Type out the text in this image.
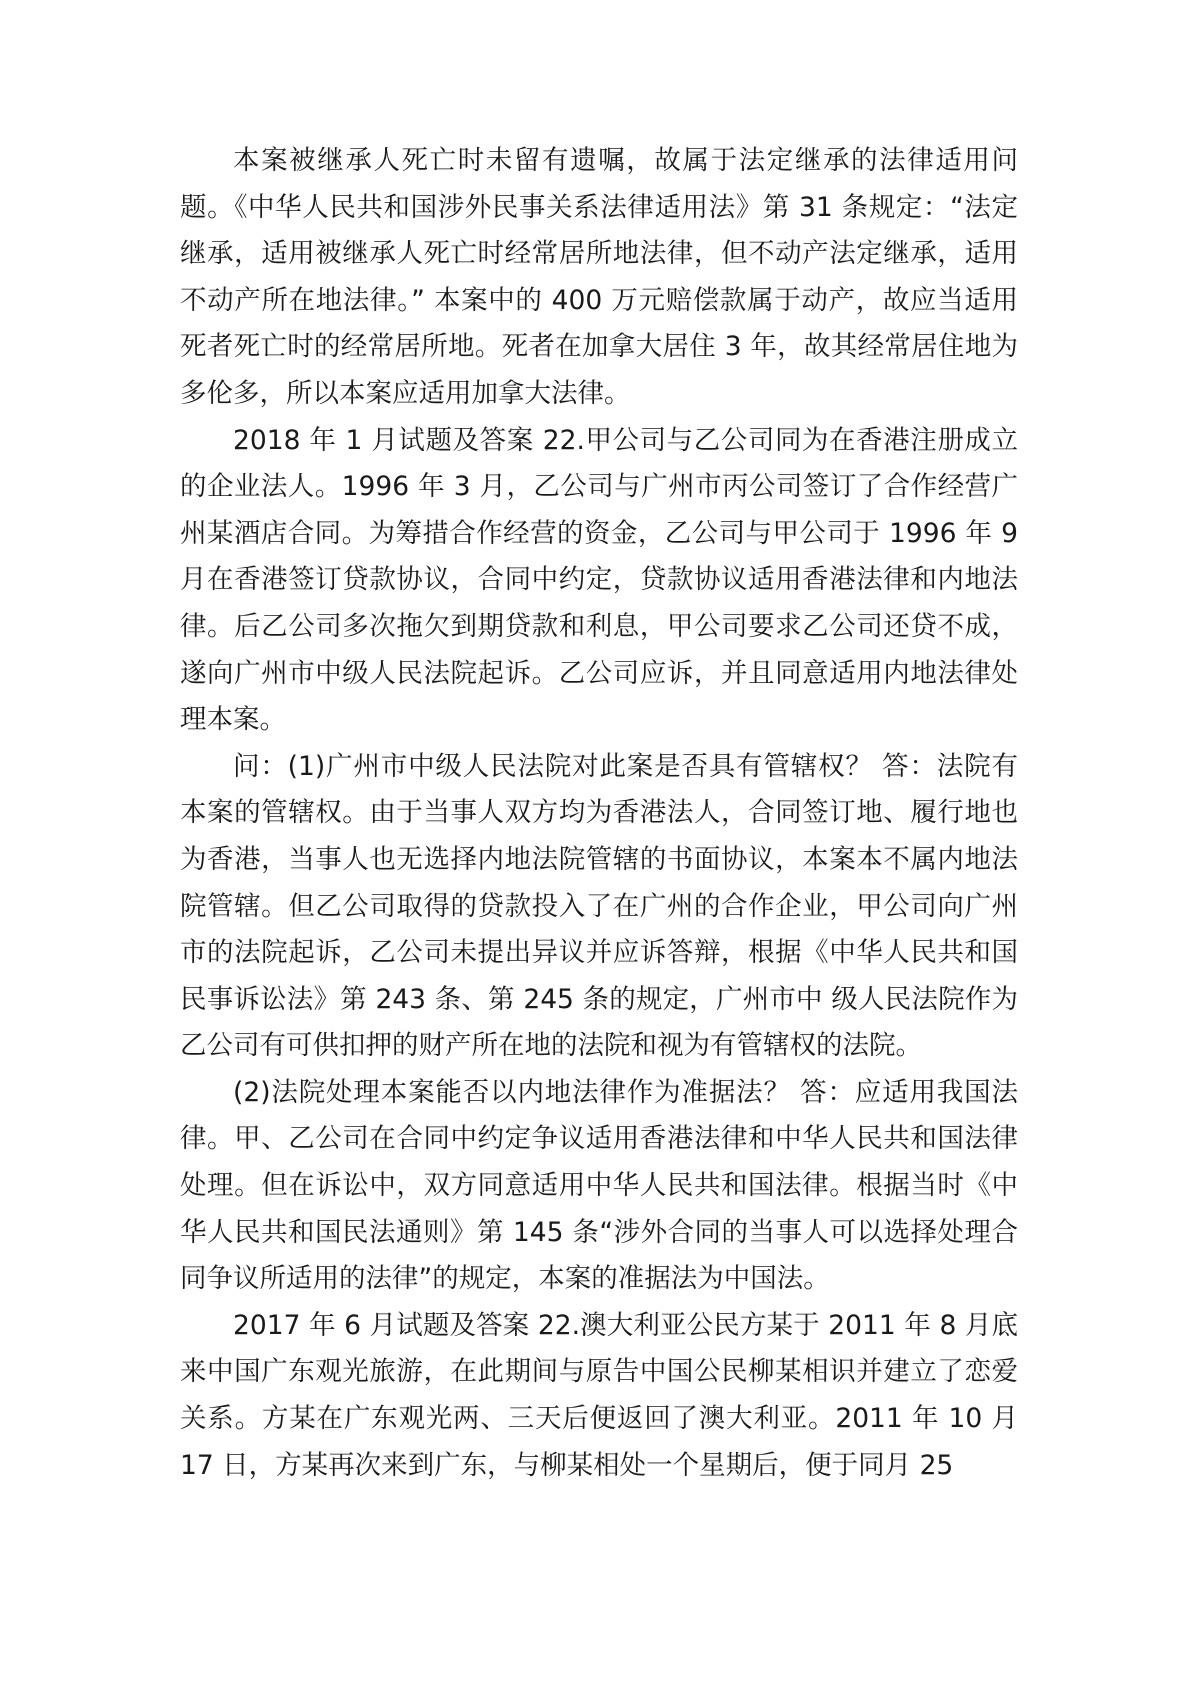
本案被继承人死亡时未留有遗嘱，故属于法定继承的法律适用问题。《中华人民共和国涉外民事关系法律适用法》第 31 条规定：“法定继承，适用被继承人死亡时经常居所地法律，但不动产法定继承，适用不动产所在地法律。” 本案中的 400 万元赔偿款属于动产，故应当适用死者死亡时的经常居所地。死者在加拿大居住 3 年，故其经常居住地为多伦多，所以本案应适用加拿大法律。

2018 年 1 月试题及答案 22.甲公司与乙公司同为在香港注册成立的企业法人。1996 年 3 月，乙公司与广州市丙公司签订了合作经营广州某酒店合同。为筹措合作经营的资金，乙公司与甲公司于 1996 年 9 月在香港签订贷款协议，合同中约定，贷款协议适用香港法律和内地法律。后乙公司多次拖欠到期贷款和利息，甲公司要求乙公司还贷不成，遂向广州市中级人民法院起诉。乙公司应诉，并且同意适用内地法律处理本案。

问：(1)广州市中级人民法院对此案是否具有管辖权？ 答：法院有本案的管辖权。由于当事人双方均为香港法人，合同签订地、履行地也为香港，当事人也无选择内地法院管辖的书面协议，本案本不属内地法院管辖。但乙公司取得的贷款投入了在广州的合作企业，甲公司向广州市的法院起诉，乙公司未提出异议并应诉答辩，根据《中华人民共和国民事诉讼法》第 243 条、第 245 条的规定，广州市中 级人民法院作为乙公司有可供扣押的财产所在地的法院和视为有管辖权的法院。

(2)法院处理本案能否以内地法律作为准据法？ 答：应适用我国法律。甲、乙公司在合同中约定争议适用香港法律和中华人民共和国法律处理。但在诉讼中，双方同意适用中华人民共和国法律。根据当时《中华人民共和国民法通则》第 145 条“涉外合同的当事人可以选择处理合同争议所适用的法律”的规定，本案的准据法为中国法。

2017 年 6 月试题及答案 22.澳大利亚公民方某于 2011 年 8 月底来中国广东观光旅游，在此期间与原告中国公民柳某相识并建立了恋爱关系。方某在广东观光两、三天后便返回了澳大利亚。2011 年 10 月 17 日，方某再次来到广东，与柳某相处一个星期后，便于同月 25
